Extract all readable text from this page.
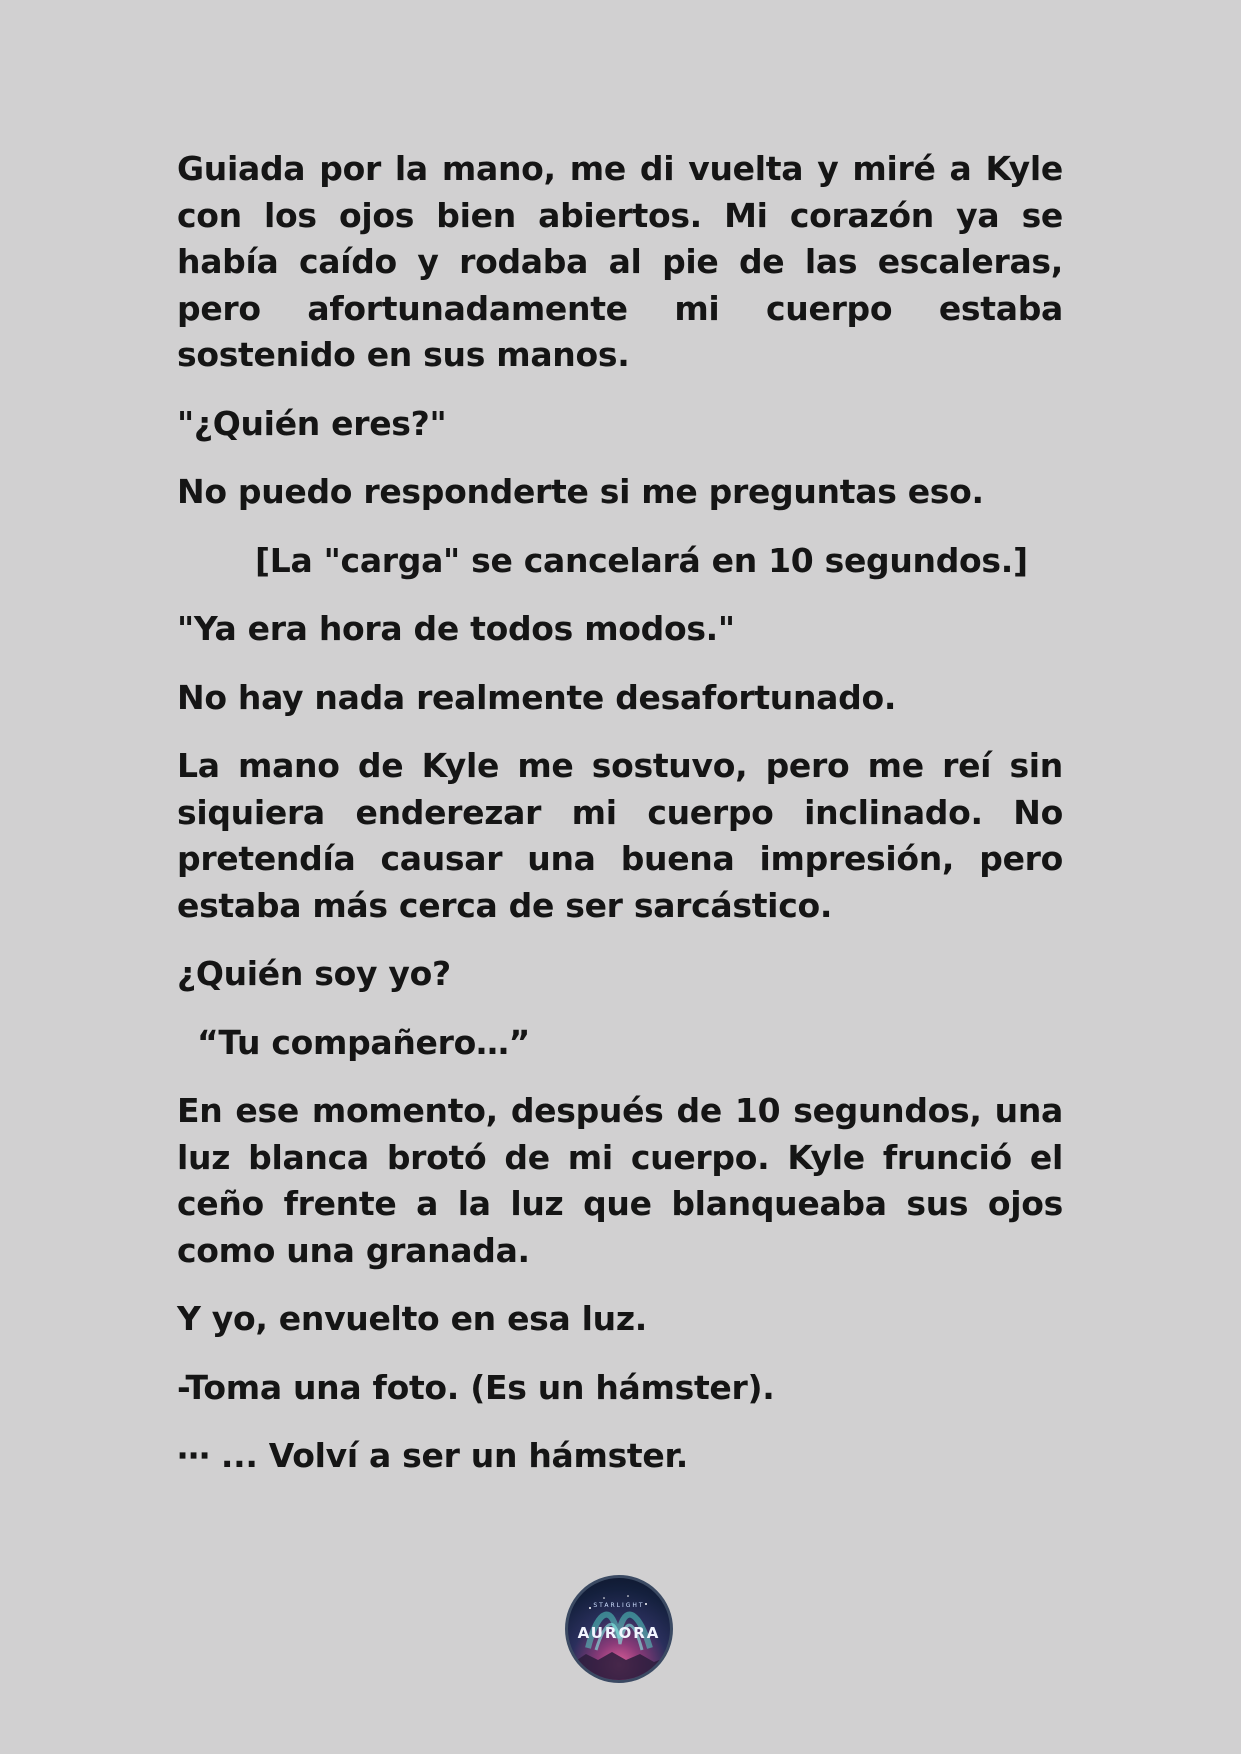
Guiada por la mano, me di vuelta y miré a Kyle con los ojos bien abiertos. Mi corazón ya se había caído y rodaba al pie de las escaleras, pero afortunadamente mi cuerpo estaba sostenido en sus manos.

"¿Quién eres?"

No puedo responderte si me preguntas eso.

[La "carga" se cancelará en 10 segundos.]

"Ya era hora de todos modos."

No hay nada realmente desafortunado.

La mano de Kyle me sostuvo, pero me reí sin siquiera enderezar mi cuerpo inclinado. No pretendía causar una buena impresión, pero estaba más cerca de ser sarcástico.

¿Quién soy yo?

“Tu compañero…”

En ese momento, después de 10 segundos, una luz blanca brotó de mi cuerpo. Kyle frunció el ceño frente a la luz que blanqueaba sus ojos como una granada.

Y yo, envuelto en esa luz.

-Toma una foto. (Es un hámster).

⋯ ... Volví a ser un hámster.

STARLIGHT
AURORA
